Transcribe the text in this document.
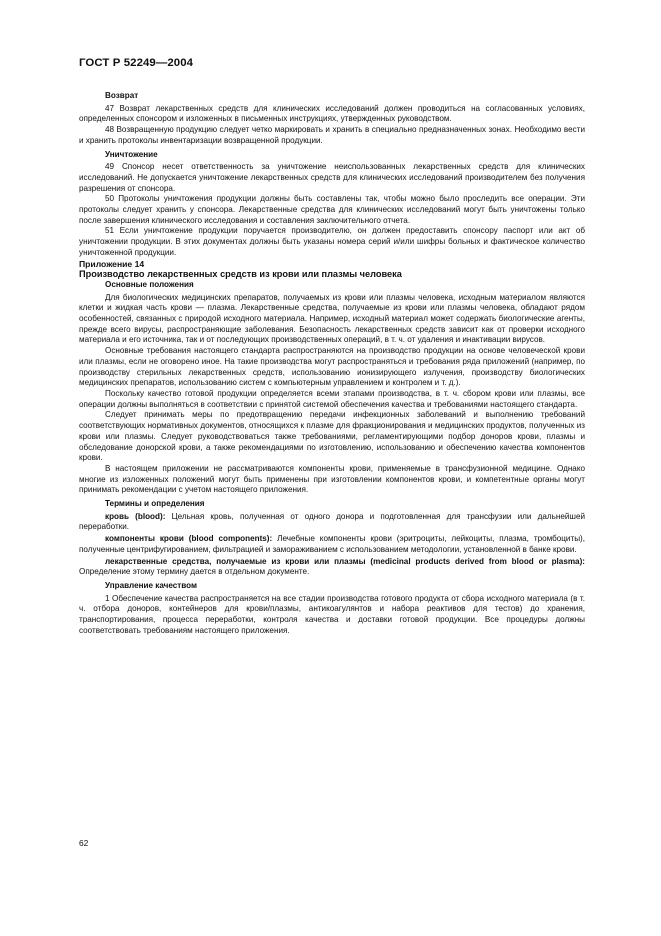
ГОСТ Р 52249—2004

Возврат

47 Возврат лекарственных средств для клинических исследований должен проводиться на согласованных условиях, определенных спонсором и изложенных в письменных инструкциях, утвержденных руководством.

48 Возвращенную продукцию следует четко маркировать и хранить в специально предназначенных зонах. Необходимо вести и хранить протоколы инвентаризации возвращенной продукции.

Уничтожение

49 Спонсор несет ответственность за уничтожение неиспользованных лекарственных средств для клинических исследований. Не допускается уничтожение лекарственных средств для клинических исследований производителем без получения разрешения от спонсора.

50 Протоколы уничтожения продукции должны быть составлены так, чтобы можно было проследить все операции. Эти протоколы следует хранить у спонсора. Лекарственные средства для клинических исследований могут быть уничтожены только после завершения клинического исследования и составления заключительного отчета.

51 Если уничтожение продукции поручается производителю, он должен предоставить спонсору паспорт или акт об уничтожении продукции. В этих документах должны быть указаны номера серий и/или шифры больных и фактическое количество уничтоженной продукции.

Приложение 14

Производство лекарственных средств из крови или плазмы человека

Основные положения

Для биологических медицинских препаратов, получаемых из крови или плазмы человека, исходным материалом являются клетки и жидкая часть крови — плазма. Лекарственные средства, получаемые из крови или плазмы человека, обладают рядом особенностей, связанных с природой исходного материала. Например, исходный материал может содержать биологические агенты, прежде всего вирусы, распространяющие заболевания. Безопасность лекарственных средств зависит как от проверки исходного материала и его источника, так и от последующих производственных операций, в т. ч. от удаления и инактивации вирусов.

Основные требования настоящего стандарта распространяются на производство продукции на основе человеческой крови или плазмы, если не оговорено иное. На такие производства могут распространяться и требования ряда приложений (например, по производству стерильных лекарственных средств, использованию ионизирующего излучения, производству биологических медицинских препаратов, использованию систем с компьютерным управлением и контролем и т. д.).

Поскольку качество готовой продукции определяется всеми этапами производства, в т. ч. сбором крови или плазмы, все операции должны выполняться в соответствии с принятой системой обеспечения качества и требованиями настоящего стандарта.

Следует принимать меры по предотвращению передачи инфекционных заболеваний и выполнению требований соответствующих нормативных документов, относящихся к плазме для фракционирования и медицинских продуктов, полученных из крови или плазмы. Следует руководствоваться также требованиями, регламентирующими подбор доноров крови, плазмы и обследование донорской крови, а также рекомендациями по изготовлению, использованию и обеспечению качества компонентов крови.

В настоящем приложении не рассматриваются компоненты крови, применяемые в трансфузионной медицине. Однако многие из изложенных положений могут быть применены при изготовлении компонентов крови, и компетентные органы могут принимать рекомендации с учетом настоящего приложения.

Термины и определения

кровь (blood): Цельная кровь, полученная от одного донора и подготовленная для трансфузии или дальнейшей переработки.

компоненты крови (blood components): Лечебные компоненты крови (эритроциты, лейкоциты, плазма, тромбоциты), полученные центрифугированием, фильтрацией и замораживанием с использованием методологии, установленной в банке крови.

лекарственные средства, получаемые из крови или плазмы (medicinal products derived from blood or plasma): Определение этому термину дается в отдельном документе.

Управление качеством

1 Обеспечение качества распространяется на все стадии производства готового продукта от сбора исходного материала (в т. ч. отбора доноров, контейнеров для крови/плазмы, антикоагулянтов и набора реактивов для тестов) до хранения, транспортирования, процесса переработки, контроля качества и доставки готовой продукции. Все процедуры должны соответствовать требованиям настоящего приложения.

62
